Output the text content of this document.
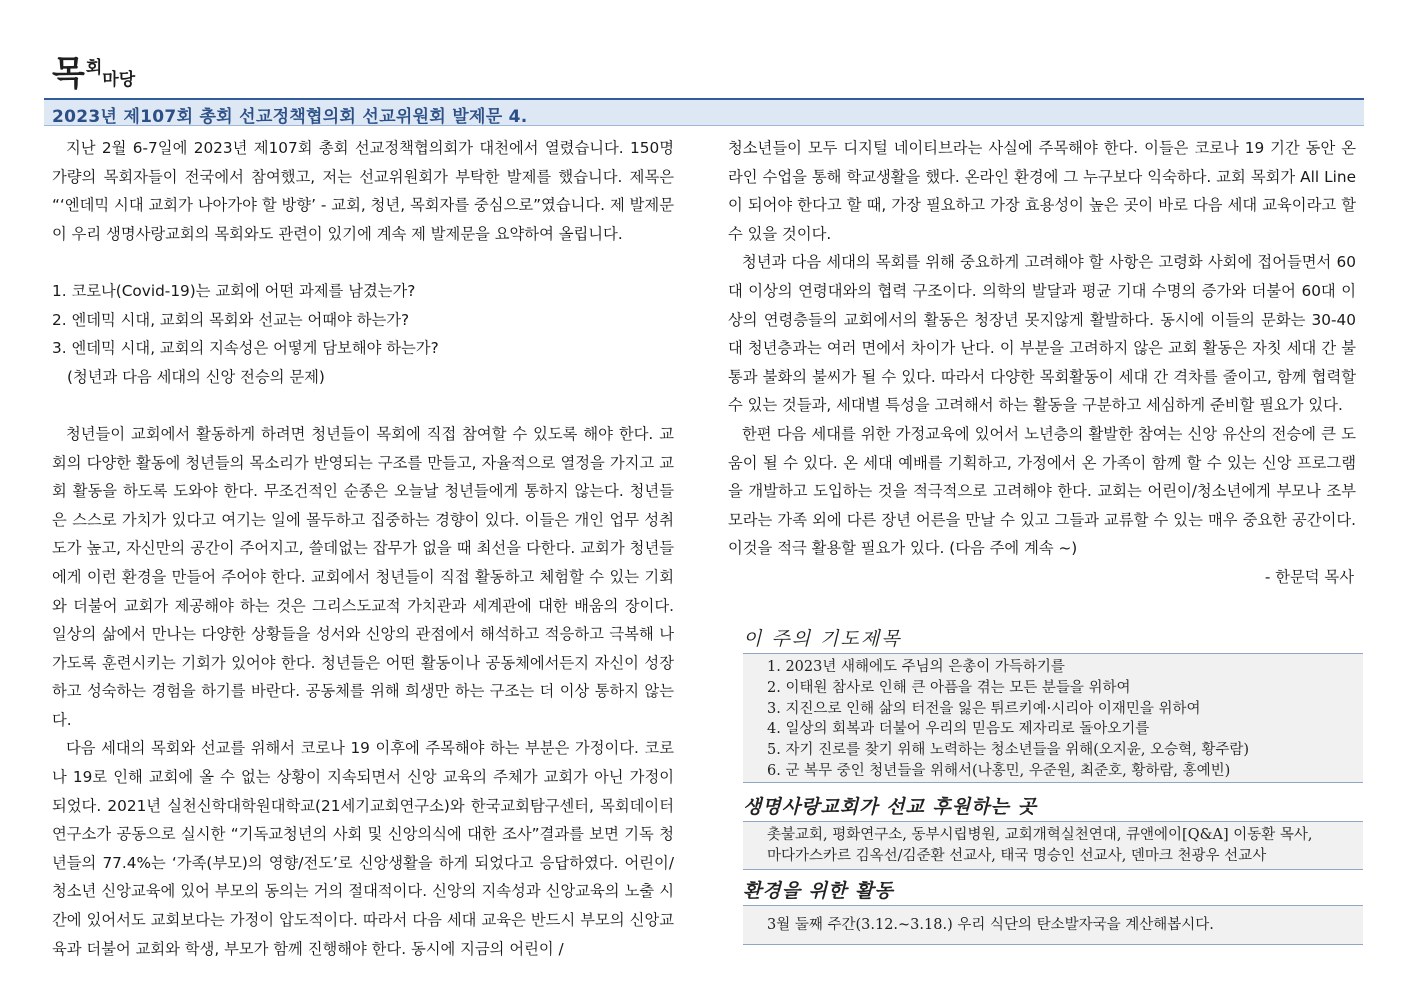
목회마당
2023년 제107회 총회 선교정책협의회 선교위원회 발제문 4.

지난 2월 6-7일에 2023년 제107회 총회 선교정책협의회가 대천에서 열렸습니다. 150명 가량의 목회자들이 전국에서 참여했고, 저는 선교위원회가 부탁한 발제를 했습니다. 제목은 “‘엔데믹 시대 교회가 나아가야 할 방향’ - 교회, 청년, 목회자를 중심으로”였습니다. 제 발제문이 우리 생명사랑교회의 목회와도 관련이 있기에 계속 제 발제문을 요약하여 올립니다.

1. 코로나(Covid-19)는 교회에 어떤 과제를 남겼는가?

2. 엔데믹 시대, 교회의 목회와 선교는 어때야 하는가?

3. 엔데믹 시대, 교회의 지속성은 어떻게 담보해야 하는가?

(청년과 다음 세대의 신앙 전승의 문제)

청년들이 교회에서 활동하게 하려면 청년들이 목회에 직접 참여할 수 있도록 해야 한다. 교회의 다양한 활동에 청년들의 목소리가 반영되는 구조를 만들고, 자율적으로 열정을 가지고 교회 활동을 하도록 도와야 한다. 무조건적인 순종은 오늘날 청년들에게 통하지 않는다. 청년들은 스스로 가치가 있다고 여기는 일에 몰두하고 집중하는 경향이 있다. 이들은 개인 업무 성취도가 높고, 자신만의 공간이 주어지고, 쓸데없는 잡무가 없을 때 최선을 다한다. 교회가 청년들에게 이런 환경을 만들어 주어야 한다. 교회에서 청년들이 직접 활동하고 체험할 수 있는 기회와 더불어 교회가 제공해야 하는 것은 그리스도교적 가치관과 세계관에 대한 배움의 장이다. 일상의 삶에서 만나는 다양한 상황들을 성서와 신앙의 관점에서 해석하고 적응하고 극복해 나가도록 훈련시키는 기회가 있어야 한다. 청년들은 어떤 활동이나 공동체에서든지 자신이 성장하고 성숙하는 경험을 하기를 바란다. 공동체를 위해 희생만 하는 구조는 더 이상 통하지 않는다.

다음 세대의 목회와 선교를 위해서 코로나 19 이후에 주목해야 하는 부분은 가정이다. 코로나 19로 인해 교회에 올 수 없는 상황이 지속되면서 신앙 교육의 주체가 교회가 아닌 가정이 되었다. 2021년 실천신학대학원대학교(21세기교회연구소)와 한국교회탐구센터, 목회데이터연구소가 공동으로 실시한 “기독교청년의 사회 및 신앙의식에 대한 조사”결과를 보면 기독 청년들의 77.4%는 ‘가족(부모)의 영향/전도’로 신앙생활을 하게 되었다고 응답하였다. 어린이/청소년 신앙교육에 있어 부모의 동의는 거의 절대적이다. 신앙의 지속성과 신앙교육의 노출 시간에 있어서도 교회보다는 가정이 압도적이다. 따라서 다음 세대 교육은 반드시 부모의 신앙교육과 더불어 교회와 학생, 부모가 함께 진행해야 한다. 동시에 지금의 어린이 /

청소년들이 모두 디지털 네이티브라는 사실에 주목해야 한다. 이들은 코로나 19 기간 동안 온라인 수업을 통해 학교생활을 했다. 온라인 환경에 그 누구보다 익숙하다. 교회 목회가 All Line이 되어야 한다고 할 때, 가장 필요하고 가장 효용성이 높은 곳이 바로 다음 세대 교육이라고 할 수 있을 것이다.

청년과 다음 세대의 목회를 위해 중요하게 고려해야 할 사항은 고령화 사회에 접어들면서 60대 이상의 연령대와의 협력 구조이다. 의학의 발달과 평균 기대 수명의 증가와 더불어 60대 이상의 연령층들의 교회에서의 활동은 청장년 못지않게 활발하다. 동시에 이들의 문화는 30-40대 청년층과는 여러 면에서 차이가 난다. 이 부분을 고려하지 않은 교회 활동은 자칫 세대 간 불통과 불화의 불씨가 될 수 있다. 따라서 다양한 목회활동이 세대 간 격차를 줄이고, 함께 협력할 수 있는 것들과, 세대별 특성을 고려해서 하는 활동을 구분하고 세심하게 준비할 필요가 있다.

한편 다음 세대를 위한 가정교육에 있어서 노년층의 활발한 참여는 신앙 유산의 전승에 큰 도움이 될 수 있다. 온 세대 예배를 기획하고, 가정에서 온 가족이 함께 할 수 있는 신앙 프로그램을 개발하고 도입하는 것을 적극적으로 고려해야 한다. 교회는 어린이/청소년에게 부모나 조부모라는 가족 외에 다른 장년 어른을 만날 수 있고 그들과 교류할 수 있는 매우 중요한 공간이다. 이것을 적극 활용할 필요가 있다. (다음 주에 계속 ~)

- 한문덕 목사

이 주의 기도제목
1. 2023년 새해에도 주님의 은총이 가득하기를
2. 이태원 참사로 인해 큰 아픔을 겪는 모든 분들을 위하여
3. 지진으로 인해 삶의 터전을 잃은 튀르키예·시리아 이재민을 위하여
4. 일상의 회복과 더불어 우리의 믿음도 제자리로 돌아오기를
5. 자기 진로를 찾기 위해 노력하는 청소년들을 위해(오지윤, 오승혁, 황주람)
6. 군 복무 중인 청년들을 위해서(나홍민, 우준원, 최준호, 황하람, 홍예빈)
생명사랑교회가 선교 후원하는 곳
촛불교회, 평화연구소, 동부시립병원, 교회개혁실천연대, 큐앤에이[Q&A] 이동환 목사,
마다가스카르 김옥선/김준환 선교사, 태국 명승인 선교사, 덴마크 천광우 선교사
환경을 위한 활동
3월 둘째 주간(3.12.~3.18.) 우리 식단의 탄소발자국을 계산해봅시다.
